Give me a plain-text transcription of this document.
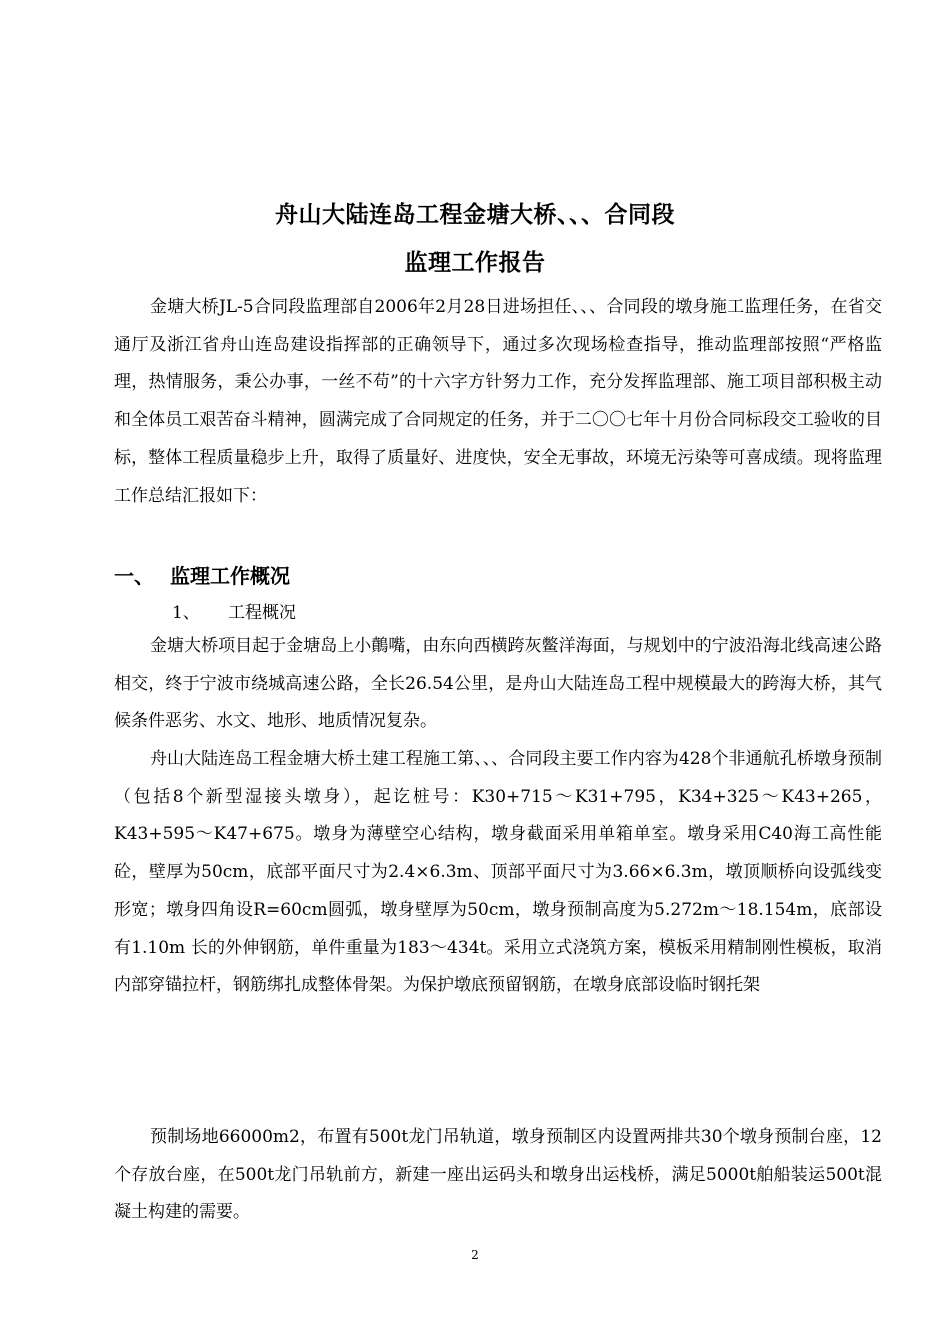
舟山大陆连岛工程金塘大桥、、、合同段
监理工作报告

金塘大桥JL-5合同段监理部自2006年2月28日进场担任、、、合同段的墩身施工监理任务，在省交通厅及浙江省舟山连岛建设指挥部的正确领导下，通过多次现场检查指导，推动监理部按照“严格监理，热情服务，秉公办事，一丝不苟”的十六字方针努力工作，充分发挥监理部、施工项目部积极主动和全体员工艰苦奋斗精神，圆满完成了合同规定的任务，并于二〇〇七年十月份合同标段交工验收的目标，整体工程质量稳步上升，取得了质量好、进度快，安全无事故，环境无污染等可喜成绩。现将监理工作总结汇报如下：

一、 监理工作概况
1、 工程概况

金塘大桥项目起于金塘岛上小䴅嘴，由东向西横跨灰鳖洋海面，与规划中的宁波沿海北线高速公路相交，终于宁波市绕城高速公路，全长26.54公里，是舟山大陆连岛工程中规模最大的跨海大桥，其气候条件恶劣、水文、地形、地质情况复杂。

舟山大陆连岛工程金塘大桥土建工程施工第、、、合同段主要工作内容为428个非通航孔桥墩身预制（包括8个新型湿接头墩身），起讫桩号：K30+715～K31+795，K34+325～K43+265，K43+595～K47+675。墩身为薄壁空心结构，墩身截面采用单箱单室。墩身采用C40海工高性能砼，壁厚为50cm，底部平面尺寸为2.4×6.3m、顶部平面尺寸为3.66×6.3m，墩顶顺桥向设弧线变形宽；墩身四角设R=60cm圆弧，墩身壁厚为50cm，墩身预制高度为5.272m～18.154m，底部设有1.10m 长的外伸钢筋，单件重量为183～434t。采用立式浇筑方案，模板采用精制刚性模板，取消内部穿锚拉杆，钢筋绑扎成整体骨架。为保护墩底预留钢筋，在墩身底部设临时钢托架

预制场地66000m2，布置有500t龙门吊轨道，墩身预制区内设置两排共30个墩身预制台座，12个存放台座，在500t龙门吊轨前方，新建一座出运码头和墩身出运栈桥，满足5000t舶船装运500t混凝土构建的需要。

2
